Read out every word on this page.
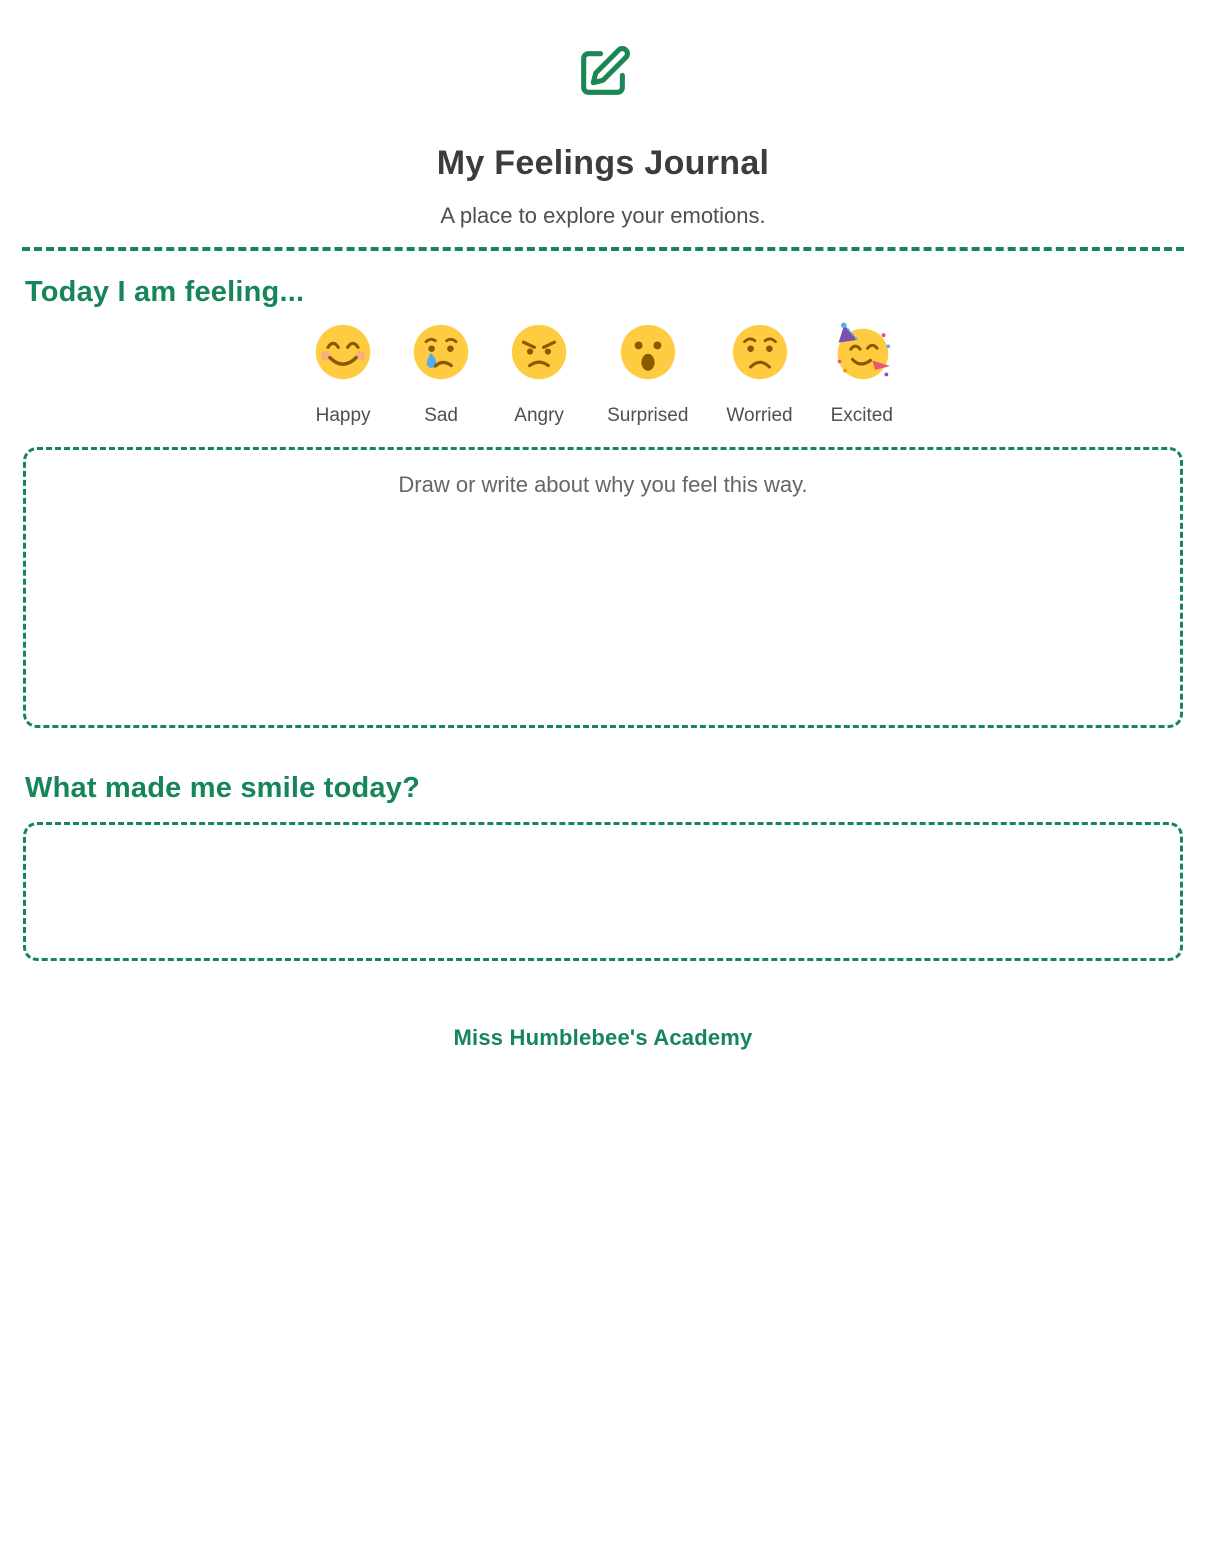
My Feelings Journal
A place to explore your emotions.
Today I am feeling...
Happy	Sad	Angry Surprised Worried Excited
Draw or write about why you feel this way.
What made me smile today?
Miss Humblebee's Academy
